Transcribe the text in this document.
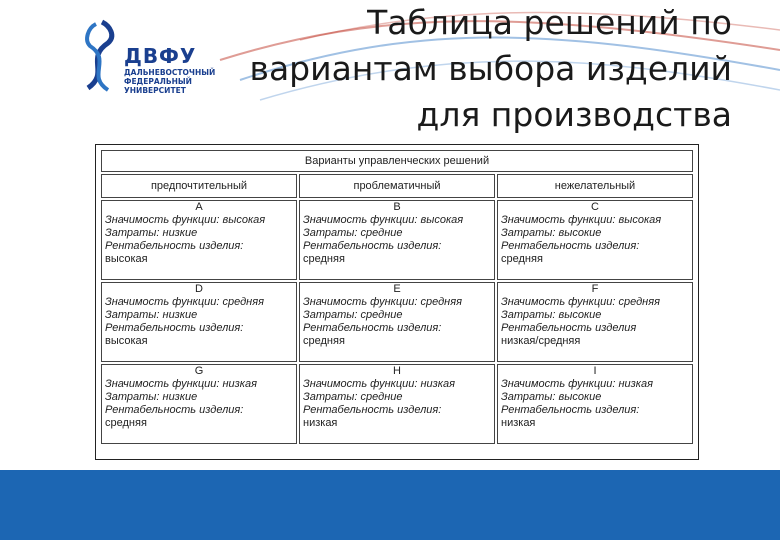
ДВФУ
ДАЛЬНЕВОСТОЧНЫЙ
ФЕДЕРАЛЬНЫЙ
УНИВЕРСИТЕТ
Таблица решений по
вариантам выбора изделий
для производства
Варианты управленческих решений		
предпочтительный	проблематичный	нежелательный

A
Значимость функции: высокая
Затраты: низкие
Рентабельность изделия:
высокая	B
Значимость функции: высокая
Затраты: средние
Рентабельность изделия:
средняя	C
Значимость функции: высокая
Затраты: высокие
Рентабельность изделия:
средняя

D
Значимость функции: средняя
Затраты: низкие
Рентабельность изделия:
высокая	E
Значимость функции: средняя
Затраты: средние
Рентабельность изделия:
средняя	F
Значимость функции: средняя
Затраты: высокие
Рентабельность изделия
низкая/средняя

G
Значимость функции: низкая
Затраты: низкие
Рентабельность изделия:
средняя	H
Значимость функции: низкая
Затраты: средние
Рентабельность изделия:
низкая	I
Значимость функции: низкая
Затраты: высокие
Рентабельность изделия:
низкая
